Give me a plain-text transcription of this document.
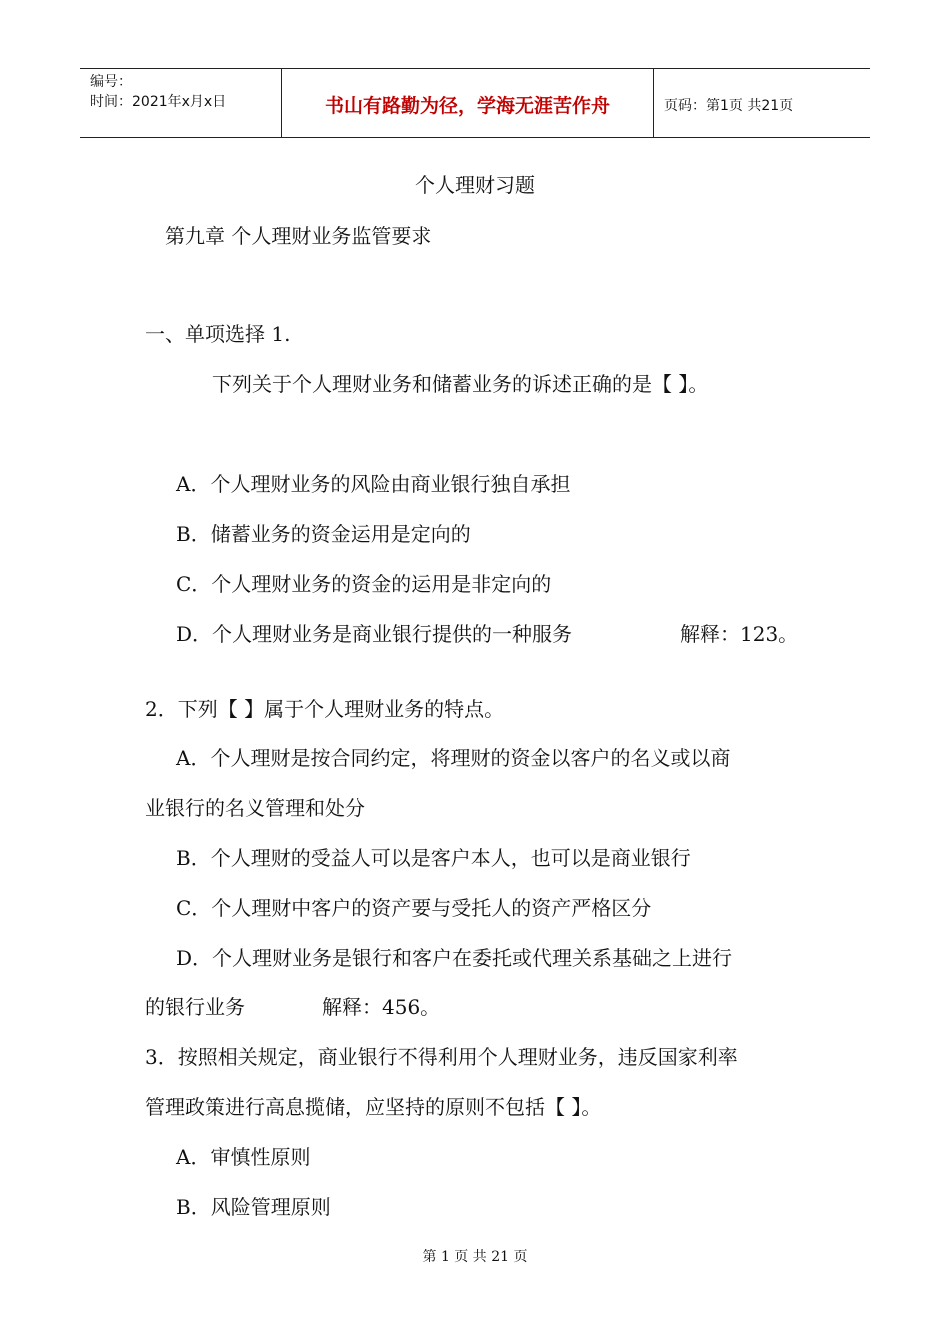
编号：
时间：2021年x月x日	书山有路勤为径，学海无涯苦作舟	页码：第1页 共21页
个人理财习题
第九章 个人理财业务监管要求
一、单项选择 1.
下列关于个人理财业务和储蓄业务的诉述正确的是【 】。
A．个人理财业务的风险由商业银行独自承担
B．储蓄业务的资金运用是定向的
C．个人理财业务的资金的运用是非定向的
D．个人理财业务是商业银行提供的一种服务	解释：123。
2．下列【 】属于个人理财业务的特点。
A．个人理财是按合同约定，将理财的资金以客户的名义或以商
业银行的名义管理和处分
B．个人理财的受益人可以是客户本人，也可以是商业银行
C．个人理财中客户的资产要与受托人的资产严格区分
D．个人理财业务是银行和客户在委托或代理关系基础之上进行
的银行业务	解释：456。
3．按照相关规定，商业银行不得利用个人理财业务，违反国家利率
管理政策进行高息揽储，应坚持的原则不包括【 】。
A．审慎性原则
B．风险管理原则
第 1 页 共 21 页
